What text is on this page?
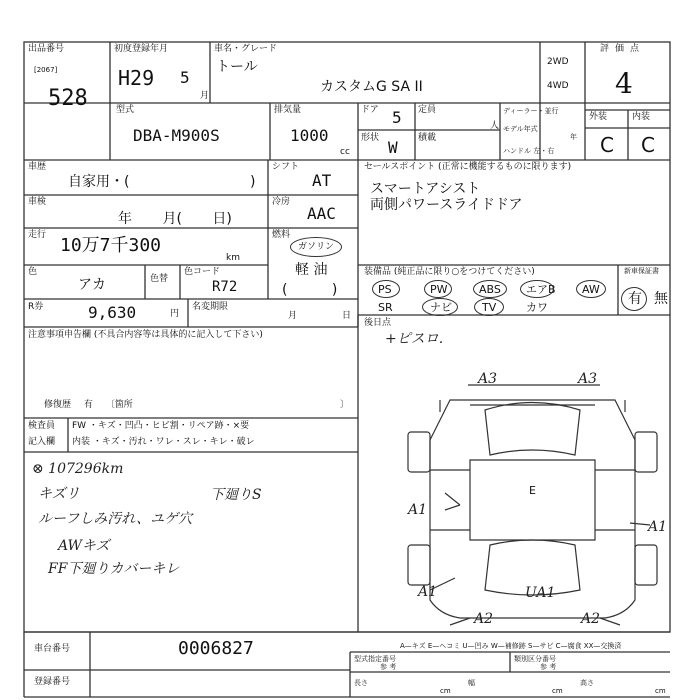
出品番号
[2067]
528
初度登録年月
H29 5
月
車名・グレード
トール
カスタムG SA II
2WD
4WD
評価点
4
型式
DBA-M900S
排気量
1000
cc
ドア 5
形状 W
定員
人
積載
ディーラー・並行
モデル年式
年
ハンドル 左・右
外装	内装
C C
車歴
自家用・(	)
シフト
AT
車検
年 月( 日)
冷房
AAC
走行 10万7千300
km
燃料
ガソリン
軽 油
( )
色
アカ	色替
色コード
R72
R券	9,630	円
名変期限
月	日
セールスポイント (正常に機能するものに限ります)
スマートアシスト
両側パワースライドドア
装備品 (純正品に限り○をつけてください)
PS	PW	ABS エアB AW
SR	ナビ	TV	カワ
新車保証書
有 無
後日点
+ピスロ.
注意事項申告欄 (不具合内容等は具体的に記入して下さい)
修復歴 有 〔箇所	〕
検査員
記入欄
FW ・キズ・凹凸・ヒビ割・リペア跡・×要
内装 ・キズ・汚れ・ワレ・スレ・キレ・破レ
⊗ 107296km
キズリ
ルーフしみ汚れ、ユゲ穴
AWキズ
FF下廻りカバーキレ
下廻りS
A3	A3
E
A1
A1
A1	UA1
A2	A2
A—キズ E—ヘコミ U—凹み W—補修跡 S—サビ C—腐食 XX—交換済
型式指定番号
参 考
類別区分番号
参 考
長さ
cm
幅
cm
高さ
cm
車台番号	0006827
登録番号
